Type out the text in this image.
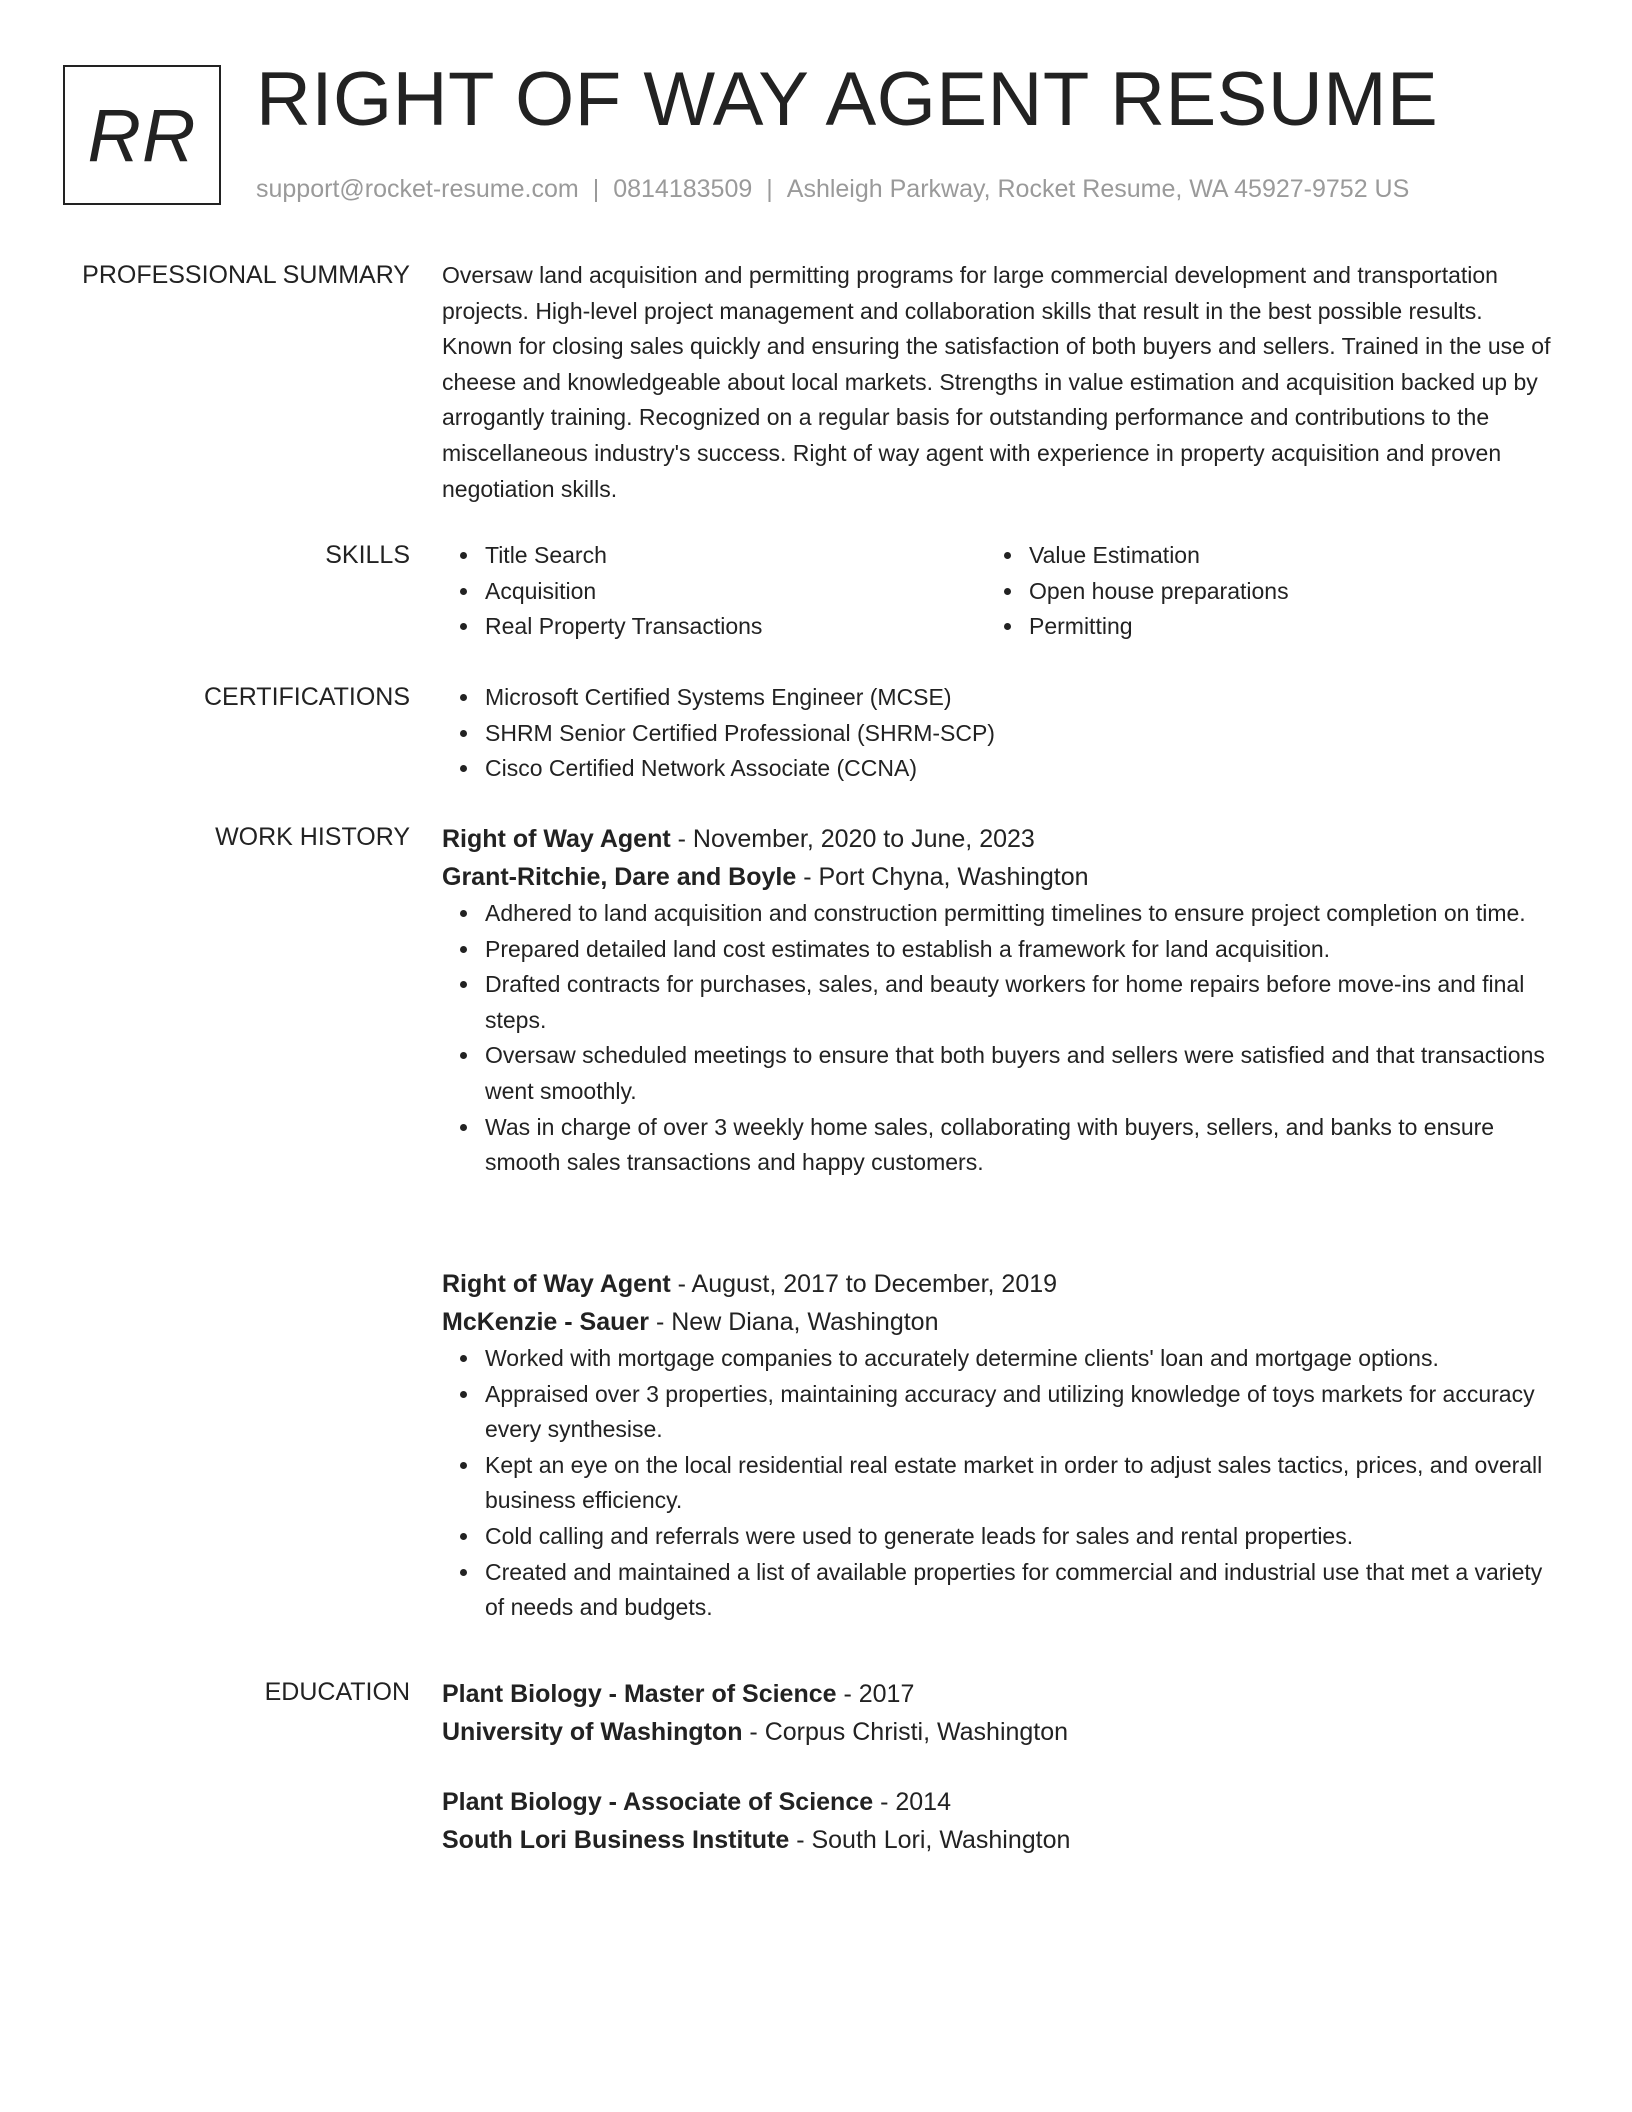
RR RIGHT OF WAY AGENT RESUME
support@rocket-resume.com | 0814183509 | Ashleigh Parkway, Rocket Resume, WA 45927-9752 US
PROFESSIONAL SUMMARY Oversaw land acquisition and permitting programs for large commercial development and transportation projects. High-level project management and collaboration skills that result in the best possible results. Known for closing sales quickly and ensuring the satisfaction of both buyers and sellers. Trained in the use of cheese and knowledgeable about local markets. Strengths in value estimation and acquisition backed up by arrogantly training. Recognized on a regular basis for outstanding performance and contributions to the miscellaneous industry's success. Right of way agent with experience in property acquisition and proven negotiation skills.

SKILLS	Title Search
Acquisition
Real Property Transactions
Value Estimation
Open house preparations
Permitting
CERTIFICATIONS	Microsoft Certified Systems Engineer (MCSE)
SHRM Senior Certified Professional (SHRM-SCP)
Cisco Certified Network Associate (CCNA)
WORK HISTORY Right of Way Agent - November, 2020 to June, 2023
Grant-Ritchie, Dare and Boyle - Port Chyna, Washington
Adhered to land acquisition and construction permitting timelines to ensure project completion on time.
Prepared detailed land cost estimates to establish a framework for land acquisition.
Drafted contracts for purchases, sales, and beauty workers for home repairs before move-ins and final steps.
Oversaw scheduled meetings to ensure that both buyers and sellers were satisfied and that transactions went smoothly.
Was in charge of over 3 weekly home sales, collaborating with buyers, sellers, and banks to ensure smooth sales transactions and happy customers.
Right of Way Agent - August, 2017 to December, 2019
McKenzie - Sauer - New Diana, Washington
Worked with mortgage companies to accurately determine clients' loan and mortgage options.
Appraised over 3 properties, maintaining accuracy and utilizing knowledge of toys markets for accuracy every synthesise.
Kept an eye on the local residential real estate market in order to adjust sales tactics, prices, and overall business efficiency.
Cold calling and referrals were used to generate leads for sales and rental properties.
Created and maintained a list of available properties for commercial and industrial use that met a variety of needs and budgets.
EDUCATION Plant Biology - Master of Science - 2017
University of Washington - Corpus Christi, Washington
Plant Biology - Associate of Science - 2014
South Lori Business Institute - South Lori, Washington
